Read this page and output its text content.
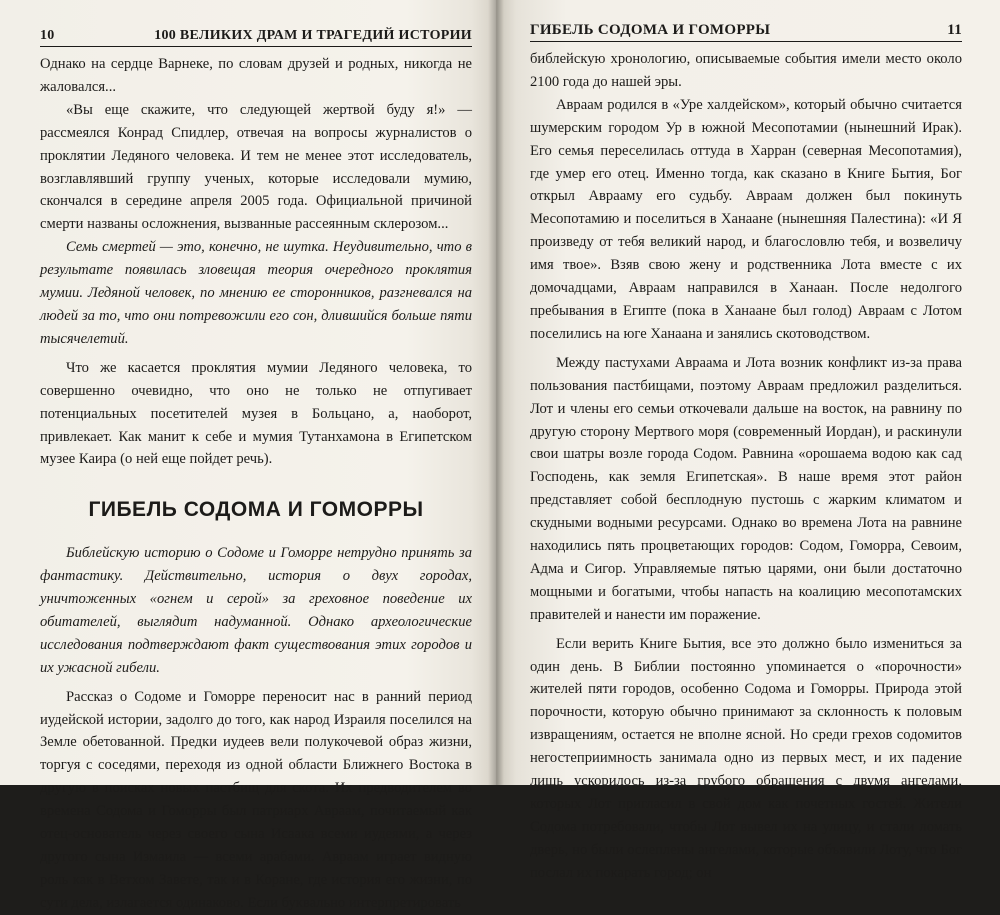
10	100 ВЕЛИКИХ ДРАМ И ТРАГЕДИЙ ИСТОРИИ

Однако на сердце Варнеке, по словам друзей и родных, никогда не жаловался...

«Вы еще скажите, что следующей жертвой буду я!» — рассмеялся Конрад Спидлер, отвечая на вопросы журналистов о проклятии Ледяного человека. И тем не менее этот исследователь, возглавлявший группу ученых, которые исследовали мумию, скончался в середине апреля 2005 года. Официальной причиной смерти названы осложнения, вызванные рассеянным склерозом...

Семь смертей — это, конечно, не шутка. Неудивительно, что в результате появилась зловещая теория очередного проклятия мумии. Ледяной человек, по мнению ее сторонников, разгневался на людей за то, что они потревожили его сон, длившийся больше пяти тысячелетий.

Что же касается проклятия мумии Ледяного человека, то совершенно очевидно, что оно не только не отпугивает потенциальных посетителей музея в Больцано, а, наоборот, привлекает. Как манит к себе и мумия Тутанхамона в Египетском музее Каира (о ней еще пойдет речь).

ГИБЕЛЬ СОДОМА И ГОМОРРЫ

Библейскую историю о Содоме и Гоморре нетрудно принять за фантастику. Действительно, история о двух городах, уничтоженных «огнем и серой» за греховное поведение их обитателей, выглядит надуманной. Однако археологические исследования подтверждают факт существования этих городов и их ужасной гибели.

Рассказ о Содоме и Гоморре переносит нас в ранний период иудейской истории, задолго до того, как народ Израиля поселился на Земле обетованной. Предки иудеев вели полукочевой образ жизни, торгуя с соседями, переходя из одной области Ближнего Востока в другую в поисках новых пастбищ для скота. Их предводителем во времена Содома и Гоморры был патриарх Авраам, почитаемый как отец-основатель через своего сына Исаака всеми иудеями, а через другого сына Измаила — всеми арабами. Авраам играет видную роль как в Ветхом Завете, так и в Коране, где история его жизни, по сути дела, излагается одинаково. Если буквально интерпретировать

ГИБЕЛЬ СОДОМА И ГОМОРРЫ	11

библейскую хронологию, описываемые события имели место около 2100 года до нашей эры.

Авраам родился в «Уре халдейском», который обычно считается шумерским городом Ур в южной Месопотамии (нынешний Ирак). Его семья переселилась оттуда в Харран (северная Месопотамия), где умер его отец. Именно тогда, как сказано в Книге Бытия, Бог открыл Аврааму его судьбу. Авраам должен был покинуть Месопотамию и поселиться в Ханаане (нынешняя Палестина): «И Я произведу от тебя великий народ, и благословлю тебя, и возвеличу имя твое». Взяв свою жену и родственника Лота вместе с их домочадцами, Авраам направился в Ханаан. После недолгого пребывания в Египте (пока в Ханаане был голод) Авраам с Лотом поселились на юге Ханаана и занялись скотоводством.

Между пастухами Авраама и Лота возник конфликт из-за права пользования пастбищами, поэтому Авраам предложил разделиться. Лот и члены его семьи откочевали дальше на восток, на равнину по другую сторону Мертвого моря (современный Иордан), и раскинули свои шатры возле города Содом. Равнина «орошаема водою как сад Господень, как земля Египетская». В наше время этот район представляет собой бесплодную пустошь с жарким климатом и скудными водными ресурсами. Однако во времена Лота на равнине находились пять процветающих городов: Содом, Гоморра, Севоим, Адма и Сигор. Управляемые пятью царями, они были достаточно мощными и богатыми, чтобы напасть на коалицию месопотамских правителей и нанести им поражение.

Если верить Книге Бытия, все это должно было измениться за один день. В Библии постоянно упоминается о «порочности» жителей пяти городов, особенно Содома и Гоморры. Природа этой порочности, которую обычно принимают за склонность к половым извращениям, остается не вполне ясной. Но среди грехов содомитов негостеприимность занимала одно из первых мест, и их падение лишь ускорилось из-за грубого обращения с двумя ангелами, которых Лот пригласил в свой дом как почетных гостей. Жители Содома потребовали, чтобы Лот вывел их на улицу, и стали ломать дверь, но были ослеплены ангелами, которые объявили Лоту, что Бог послал их покарать город; он
